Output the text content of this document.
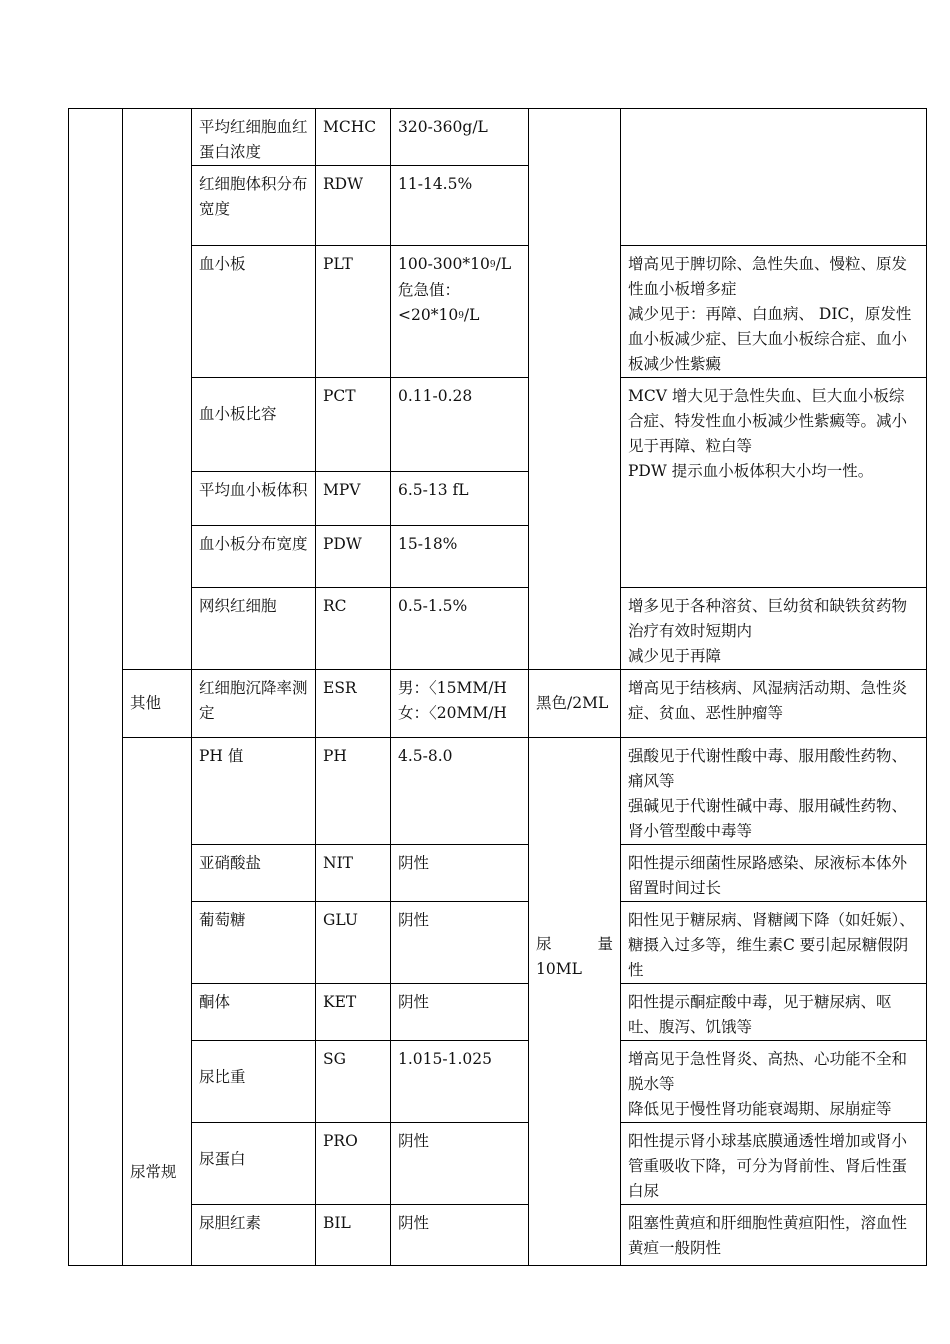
		平均红细胞血红蛋白浓度	MCHC	320-360g/L		
		红细胞体积分布宽度	RDW	11-14.5%		
		血小板	PLT	$100-300*10^9/L$
危急值：
$<20*10^9/L$		增高见于脾切除、急性失血、慢粒、原发性血小板增多症
减少见于：再障、白血病、 DIC，原发性血小板减少症、巨大血小板综合症、血小板减少性紫癜

		血小板比容	PCT	0.11-0.28		MCV 增大见于急性失血、巨大血小板综合症、特发性血小板减少性紫癜等。减小见于再障、粒白等
PDW 提示血小板体积大小均一性。

		平均血小板体积	MPV	6.5-13 fL		
		血小板分布宽度	PDW	15-18%		
		网织红细胞	RC	0.5-1.5%		增多见于各种溶贫、巨幼贫和缺铁贫药物治疗有效时短期内
减少见于再障

	其他	红细胞沉降率测定	ESR	男：〈15MM/H
女：〈20MM/H	黑色/2ML	增高见于结核病、风湿病活动期、急性炎症、贫血、恶性肿瘤等
	尿常规	PH 值	PH	4.5-8.0	尿 量
10ML	强酸见于代谢性酸中毒、服用酸性药物、痛风等
强碱见于代谢性碱中毒、服用碱性药物、肾小管型酸中毒等

		亚硝酸盐	NIT	阴性		阳性提示细菌性尿路感染、尿液标本体外留置时间过长
		葡萄糖	GLU	阴性		阳性见于糖尿病、肾糖阈下降（如妊娠）、糖摄入过多等，维生素C 要引起尿糖假阴性
		酮体	KET	阴性		阳性提示酮症酸中毒，见于糖尿病、呕吐、腹泻、饥饿等
		尿比重	SG	1.015-1.025		增高见于急性肾炎、高热、心功能不全和脱水等
降低见于慢性肾功能衰竭期、尿崩症等

		尿蛋白	PRO	阴性		阳性提示肾小球基底膜通透性增加或肾小管重吸收下降，可分为肾前性、肾后性蛋白尿
		尿胆红素	BIL	阴性		阻塞性黄疸和肝细胞性黄疸阳性，溶血性黄疸一般阴性
